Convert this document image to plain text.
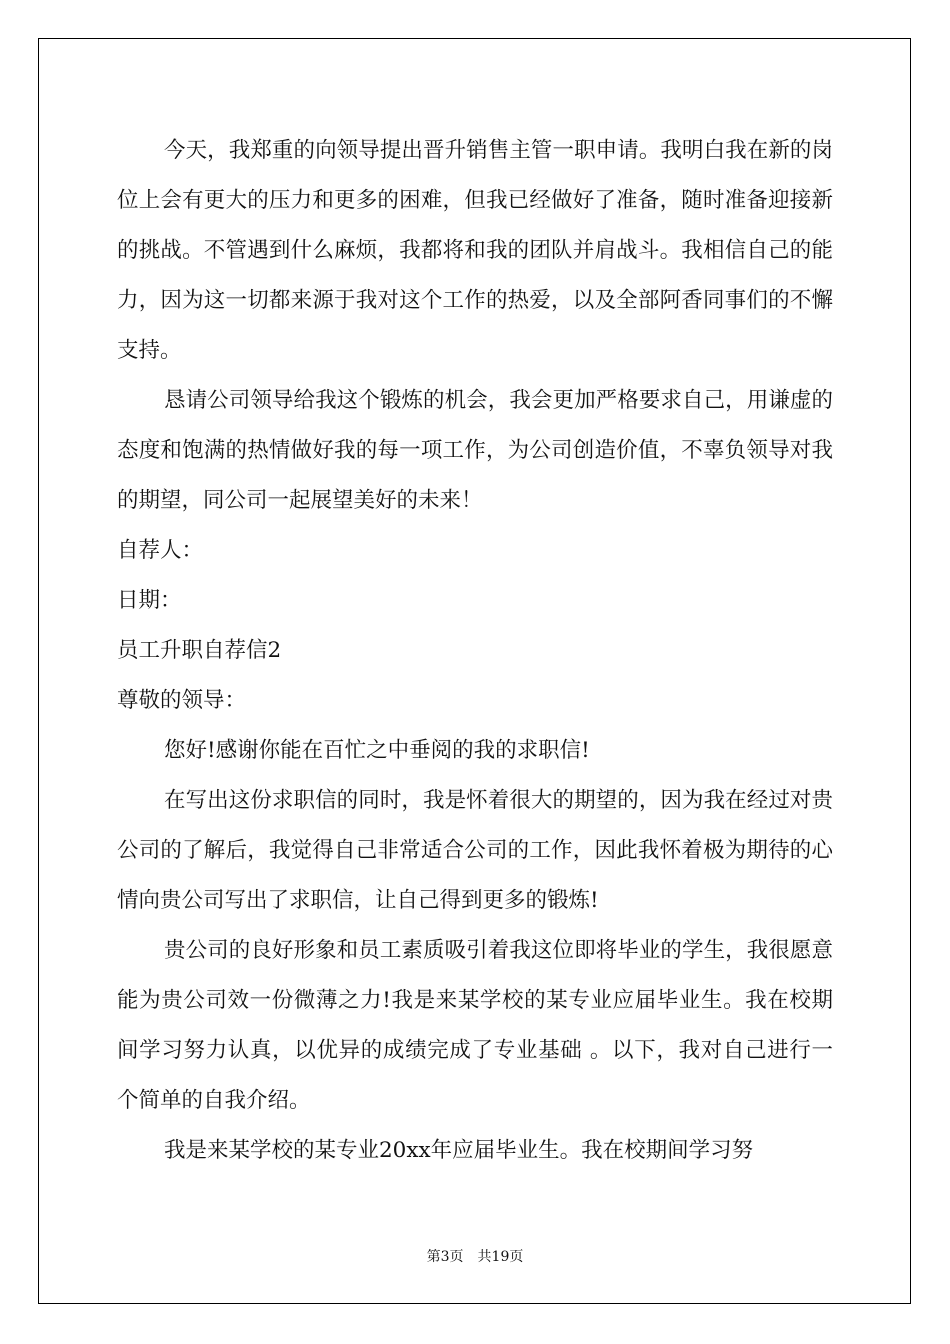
今天，我郑重的向领导提出晋升销售主管一职申请。我明白我在新的岗位上会有更大的压力和更多的困难，但我已经做好了准备，随时准备迎接新的挑战。不管遇到什么麻烦，我都将和我的团队并肩战斗。我相信自己的能力，因为这一切都来源于我对这个工作的热爱，以及全部阿香同事们的不懈支持。

恳请公司领导给我这个锻炼的机会，我会更加严格要求自己，用谦虚的态度和饱满的热情做好我的每一项工作，为公司创造价值，不辜负领导对我的期望，同公司一起展望美好的未来！

自荐人：

日期：

员工升职自荐信2

尊敬的领导：

您好!感谢你能在百忙之中垂阅的我的求职信!

在写出这份求职信的同时，我是怀着很大的期望的，因为我在经过对贵公司的了解后，我觉得自己非常适合公司的工作，因此我怀着极为期待的心情向贵公司写出了求职信，让自己得到更多的锻炼!

贵公司的良好形象和员工素质吸引着我这位即将毕业的学生，我很愿意能为贵公司效一份微薄之力!我是来某学校的某专业应届毕业生。我在校期间学习努力认真，以优异的成绩完成了专业基础 。以下，我对自己进行一个简单的自我介绍。

我是来某学校的某专业20xx年应届毕业生。我在校期间学习努

第3页 共19页
